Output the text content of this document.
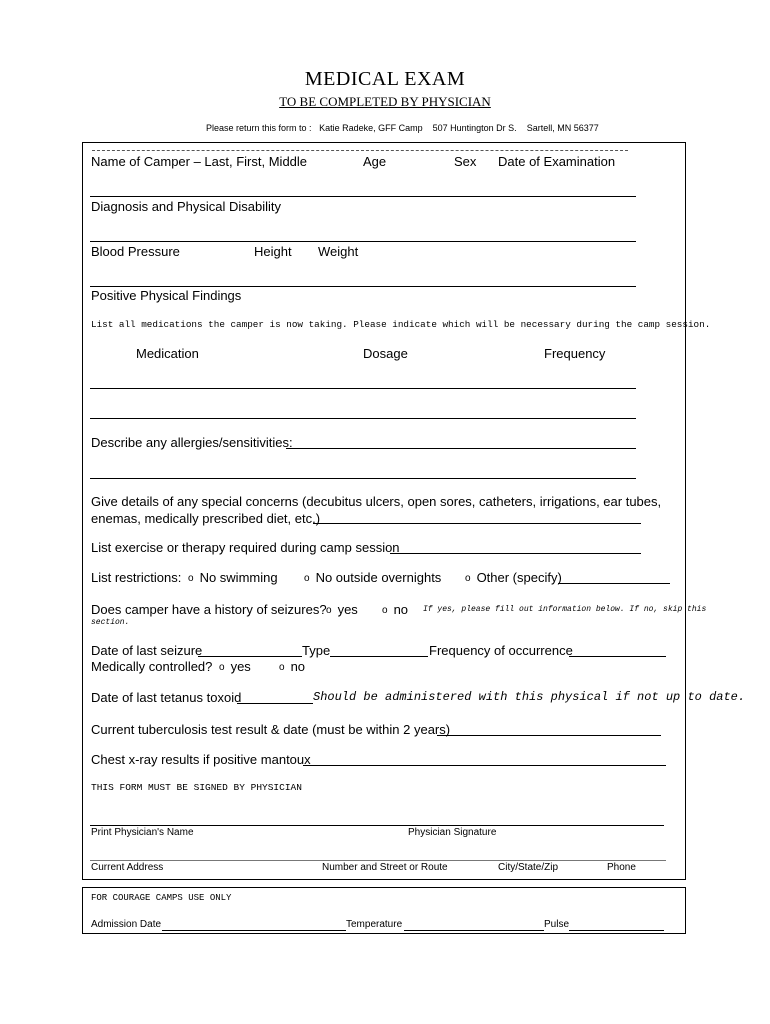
MEDICAL EXAM
TO BE COMPLETED BY PHYSICIAN
Please return this form to : Katie Radeke, GFF Camp 507 Huntington Dr S. Sartell, MN 56377
Name of Camper – Last, First, Middle	Age	Sex Date of Examination
Diagnosis and Physical Disability
Blood Pressure	Height Weight
Positive Physical Findings
List all medications the camper is now taking. Please indicate which will be necessary during the camp session.
Medication	Dosage	Frequency
Describe any allergies/sensitivities:
Give details of any special concerns (decubitus ulcers, open sores, catheters, irrigations, ear tubes,
enemas, medically prescribed diet, etc.)
List exercise or therapy required during camp session
List restrictions: o No swimming	o No outside overnights o Other (specify)
Does camper have a history of seizures? o yes o no If yes, please fill out information below. If no, skip this
section.
Date of last seizure	Type	Frequency of occurrence
Medically controlled? o yes	o no
Date of last tetanus toxoid	Should be administered with this physical if not up to date.
Current tuberculosis test result & date (must be within 2 years)
Chest x-ray results if positive mantoux
THIS FORM MUST BE SIGNED BY PHYSICIAN
Print Physician's Name	Physician Signature
Current Address	Number and Street or Route	City/State/Zip	Phone
FOR COURAGE CAMPS USE ONLY
Admission Date	Temperature	Pulse
